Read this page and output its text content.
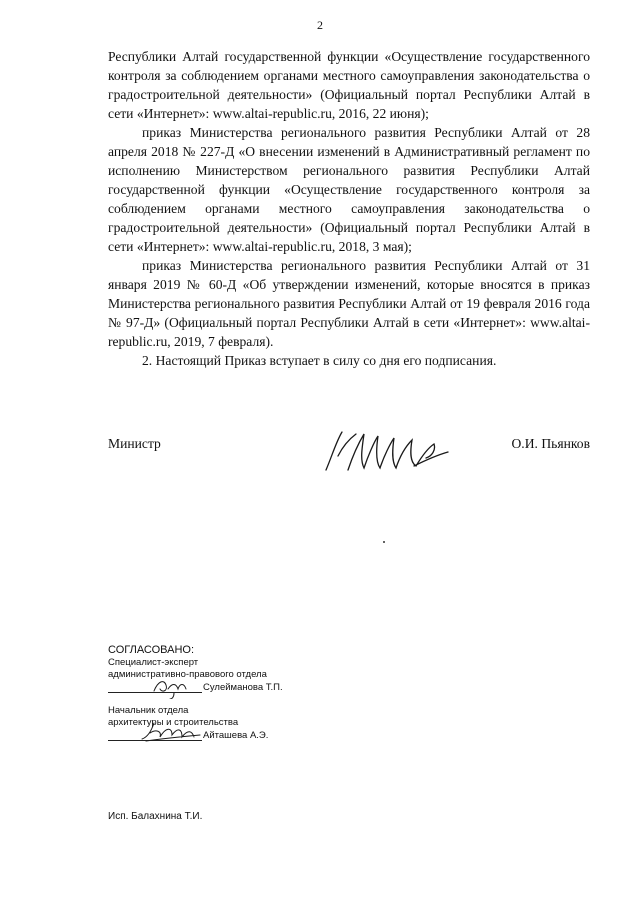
2

Республики Алтай государственной функции «Осуществление государственного контроля за соблюдением органами местного самоуправления законодательства о градостроительной деятельности» (Официальный портал Республики Алтай в сети «Интернет»: www.altai-republic.ru, 2016, 22 июня);

приказ Министерства регионального развития Республики Алтай от 28 апреля 2018 № 227-Д «О внесении изменений в Административный регламент по исполнению Министерством регионального развития Республики Алтай государственной функции «Осуществление государственного контроля за соблюдением органами местного самоуправления законодательства о градостроительной деятельности» (Официальный портал Республики Алтай в сети «Интернет»: www.altai-republic.ru, 2018, 3 мая);

приказ Министерства регионального развития Республики Алтай от 31 января 2019 № 60-Д «Об утверждении изменений, которые вносятся в приказ Министерства регионального развития Республики Алтай от 19 февраля 2016 года № 97-Д» (Официальный портал Республики Алтай в сети «Интернет»: www.altai-republic.ru, 2019, 7 февраля).

2. Настоящий Приказ вступает в силу со дня его подписания.

Министр	О.И. Пьянков
СОГЛАСОВАНО:
Специалист-эксперт
административно-правового отдела
Сулейманова Т.П.
Начальник отдела
архитектуры и строительства
Айташева А.Э.
Исп. Балахнина Т.И.
